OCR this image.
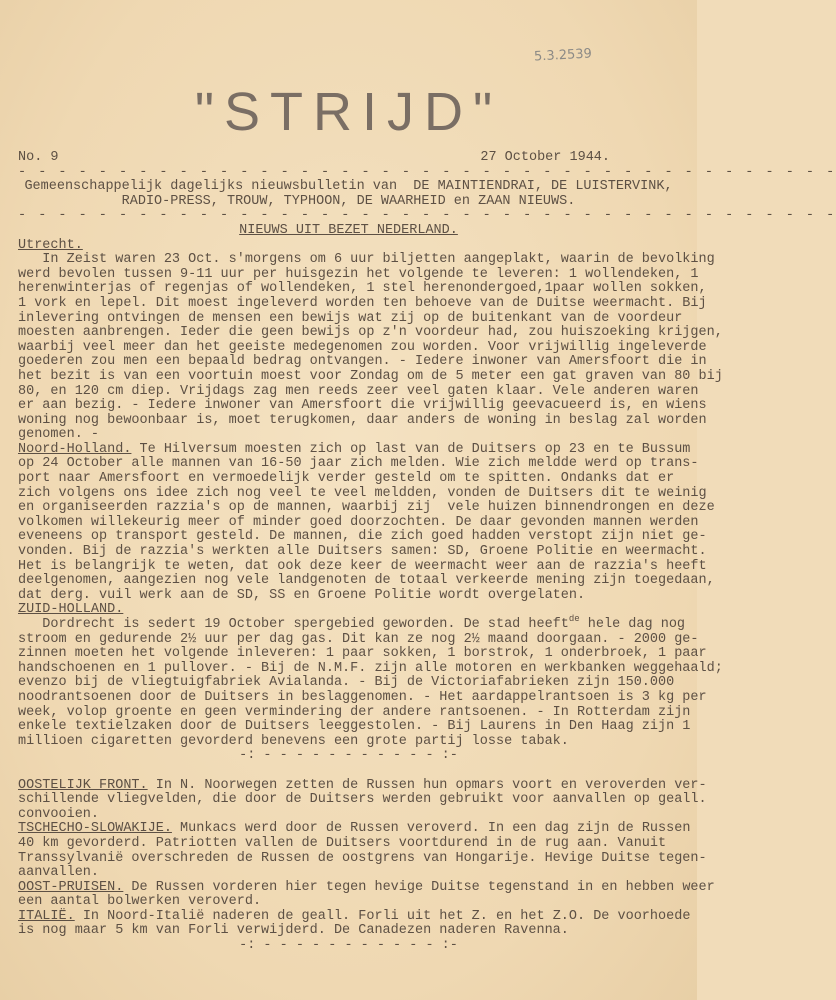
5.3.2539
"STRIJD"
No. 9	27 October 1944.
- - - - - - - - - - - - - - - - - - - - - - - - - - - - - - - - - - - - - - - - -
Gemeenschappelijk dagelijks nieuwsbulletin van  DE MAINTIENDRAI, DE LUISTERVINK,
RADIO-PRESS, TROUW, TYPHOON, DE WAARHEID en ZAAN NIEUWS.
- - - - - - - - - - - - - - - - - - - - - - - - - - - - - - - - - - - - - - - - -
NIEUWS UIT BEZET NEDERLAND.
Utrecht.
In Zeist waren 23 Oct. s'morgens om 6 uur biljetten aangeplakt, waarin de bevolking
werd bevolen tussen 9-11 uur per huisgezin het volgende te leveren: 1 wollendeken, 1
herenwinterjas of regenjas of wollendeken, 1 stel herenondergoed,1paar wollen sokken,
1 vork en lepel. Dit moest ingeleverd worden ten behoeve van de Duitse weermacht. Bij
inlevering ontvingen de mensen een bewijs wat zij op de buitenkant van de voordeur
moesten aanbrengen. Ieder die geen bewijs op z'n voordeur had, zou huiszoeking krijgen,
waarbij veel meer dan het geeiste medegenomen zou worden. Voor vrijwillig ingeleverde
goederen zou men een bepaald bedrag ontvangen. - Iedere inwoner van Amersfoort die in
het bezit is van een voortuin moest voor Zondag om de 5 meter een gat graven van 80 bij
80, en 120 cm diep. Vrijdags zag men reeds zeer veel gaten klaar. Vele anderen waren
er aan bezig. - Iedere inwoner van Amersfoort die vrijwillig geevacueerd is, en wiens
woning nog bewoonbaar is, moet terugkomen, daar anders de woning in beslag zal worden
genomen. -
Noord-Holland. Te Hilversum moesten zich op last van de Duitsers op 23 en te Bussum
op 24 October alle mannen van 16-50 jaar zich melden. Wie zich meldde werd op trans-
port naar Amersfoort en vermoedelijk verder gesteld om te spitten. Ondanks dat er
zich volgens ons idee zich nog veel te veel meldden, vonden de Duitsers dit te weinig
en organiseerden razzia's op de mannen, waarbij zij  vele huizen binnendrongen en deze
volkomen willekeurig meer of minder goed doorzochten. De daar gevonden mannen werden
eveneens op transport gesteld. De mannen, die zich goed hadden verstopt zijn niet ge-
vonden. Bij de razzia's werkten alle Duitsers samen: SD, Groene Politie en weermacht.
Het is belangrijk te weten, dat ook deze keer de weermacht weer aan de razzia's heeft
deelgenomen, aangezien nog vele landgenoten de totaal verkeerde mening zijn toegedaan,
dat derg. vuil werk aan de SD, SS en Groene Politie wordt overgelaten.
ZUID-HOLLAND.
Dordrecht is sedert 19 October spergebied geworden. De stad heeft$^{de}$ hele dag nog
stroom en gedurende 2½ uur per dag gas. Dit kan ze nog 2½ maand doorgaan. - 2000 ge-
zinnen moeten het volgende inleveren: 1 paar sokken, 1 borstrok, 1 onderbroek, 1 paar
handschoenen en 1 pullover. - Bij de N.M.F. zijn alle motoren en werkbanken weggehaald;
evenzo bij de vliegtuigfabriek Avialanda. - Bij de Victoriafabrieken zijn 150.000
noodrantsoenen door de Duitsers in beslaggenomen. - Het aardappelrantsoen is 3 kg per
week, volop groente en geen vermindering der andere rantsoenen. - In Rotterdam zijn
enkele textielzaken door de Duitsers leeggestolen. - Bij Laurens in Den Haag zijn 1
millioen cigaretten gevorderd benevens een grote partij losse tabak.
-: - - - - - - - - - - - :-
OOSTELIJK FRONT. In N. Noorwegen zetten de Russen hun opmars voort en veroverden ver-
schillende vliegvelden, die door de Duitsers werden gebruikt voor aanvallen op geall.
convooien.
TSCHECHO-SLOWAKIJE. Munkacs werd door de Russen veroverd. In een dag zijn de Russen
40 km gevorderd. Patriotten vallen de Duitsers voortdurend in de rug aan. Vanuit
Transsylvanië overschreden de Russen de oostgrens van Hongarije. Hevige Duitse tegen-
aanvallen.
OOST-PRUISEN. De Russen vorderen hier tegen hevige Duitse tegenstand in en hebben weer
een aantal bolwerken veroverd.
ITALIË. In Noord-Italië naderen de geall. Forli uit het Z. en het Z.O. De voorhoede
is nog maar 5 km van Forli verwijderd. De Canadezen naderen Ravenna.
-: - - - - - - - - - - - :-
